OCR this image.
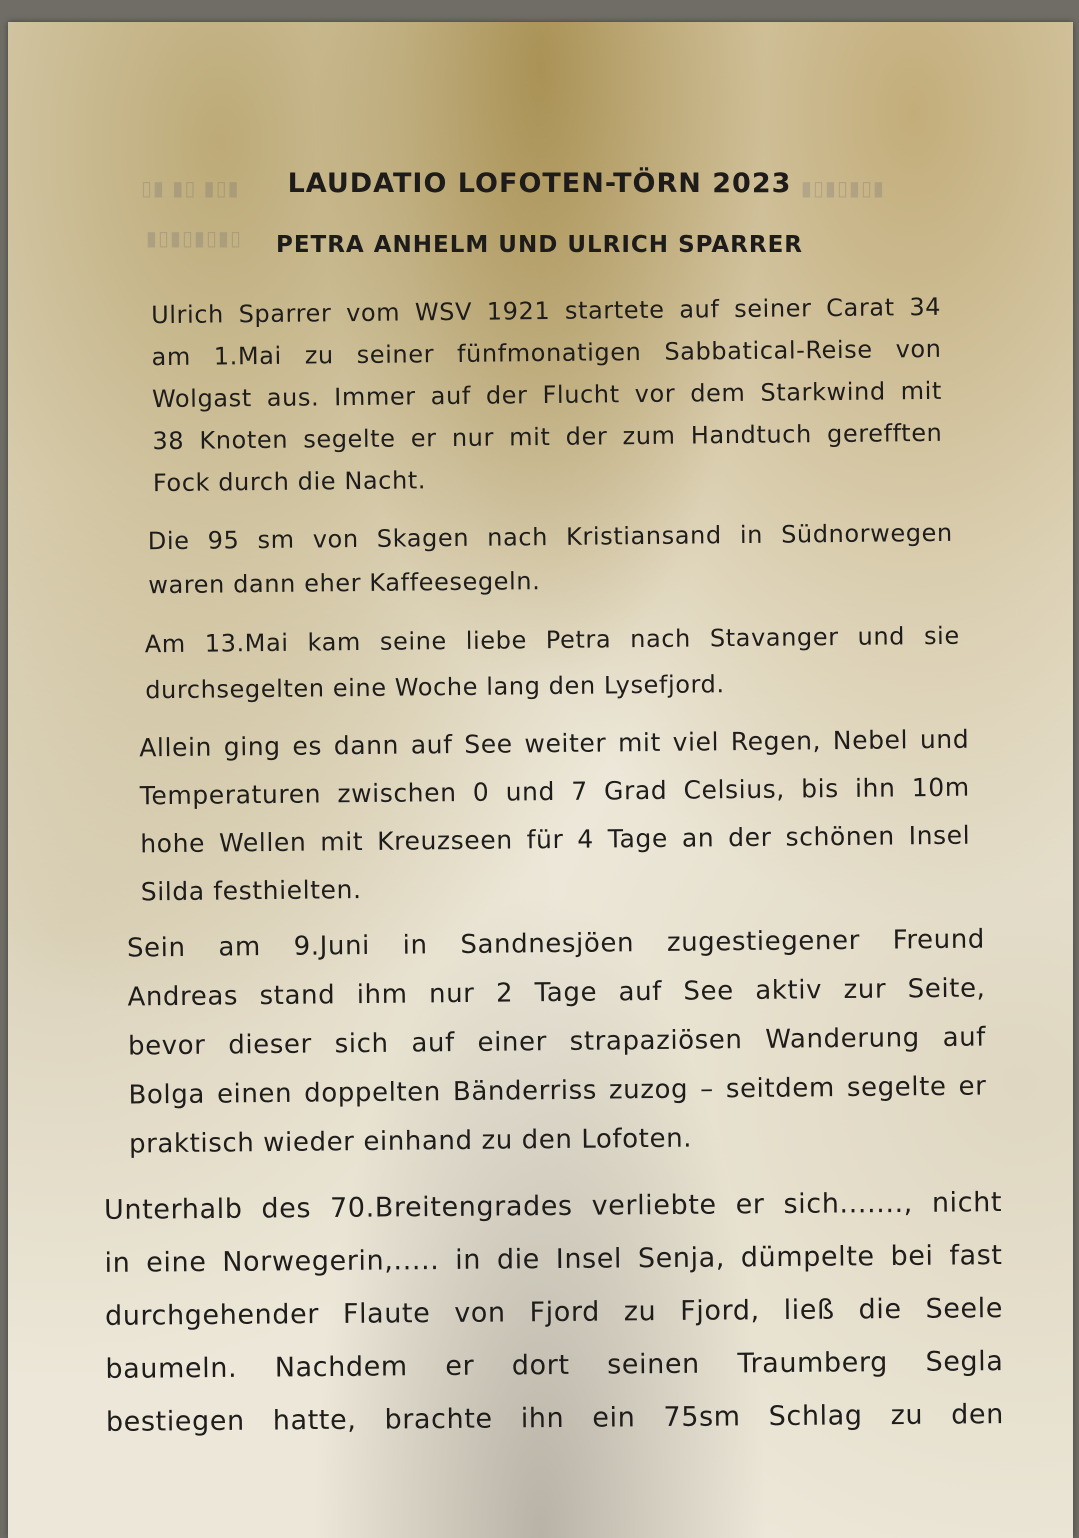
​▮▯▮ ▯▮ ▮▯
​▯▮▯▮▯▮▯▮
​▮▯▮▯▮▯▮
LAUDATIO LOFOTEN-TÖRN 2023
PETRA ANHELM UND ULRICH SPARRER
Ulrich Sparrer vom WSV 1921 startete auf seiner Carat 34
am 1.Mai zu seiner fünfmonatigen Sabbatical-Reise von
Wolgast aus. Immer auf der Flucht vor dem Starkwind mit
38 Knoten segelte er nur mit der zum Handtuch gerefften
Fock durch die Nacht.
Die 95 sm von Skagen nach Kristiansand in Südnorwegen
waren dann eher Kaffeesegeln.
Am 13.Mai kam seine liebe Petra nach Stavanger und sie
durchsegelten eine Woche lang den Lysefjord.
Allein ging es dann auf See weiter mit viel Regen, Nebel und
Temperaturen zwischen 0 und 7 Grad Celsius, bis ihn 10m
hohe Wellen mit Kreuzseen für 4 Tage an der schönen Insel
Silda festhielten.
Sein am 9.Juni in Sandnesjöen zugestiegener Freund
Andreas stand ihm nur 2 Tage auf See aktiv zur Seite,
bevor dieser sich auf einer strapaziösen Wanderung auf
Bolga einen doppelten Bänderriss zuzog – seitdem segelte er
praktisch wieder einhand zu den Lofoten.
Unterhalb des 70.Breitengrades verliebte er sich......., nicht
in eine Norwegerin,..... in die Insel Senja, dümpelte bei fast
durchgehender Flaute von Fjord zu Fjord, ließ die Seele
baumeln. Nachdem er dort seinen Traumberg Segla
bestiegen hatte, brachte ihn ein 75sm Schlag zu den
